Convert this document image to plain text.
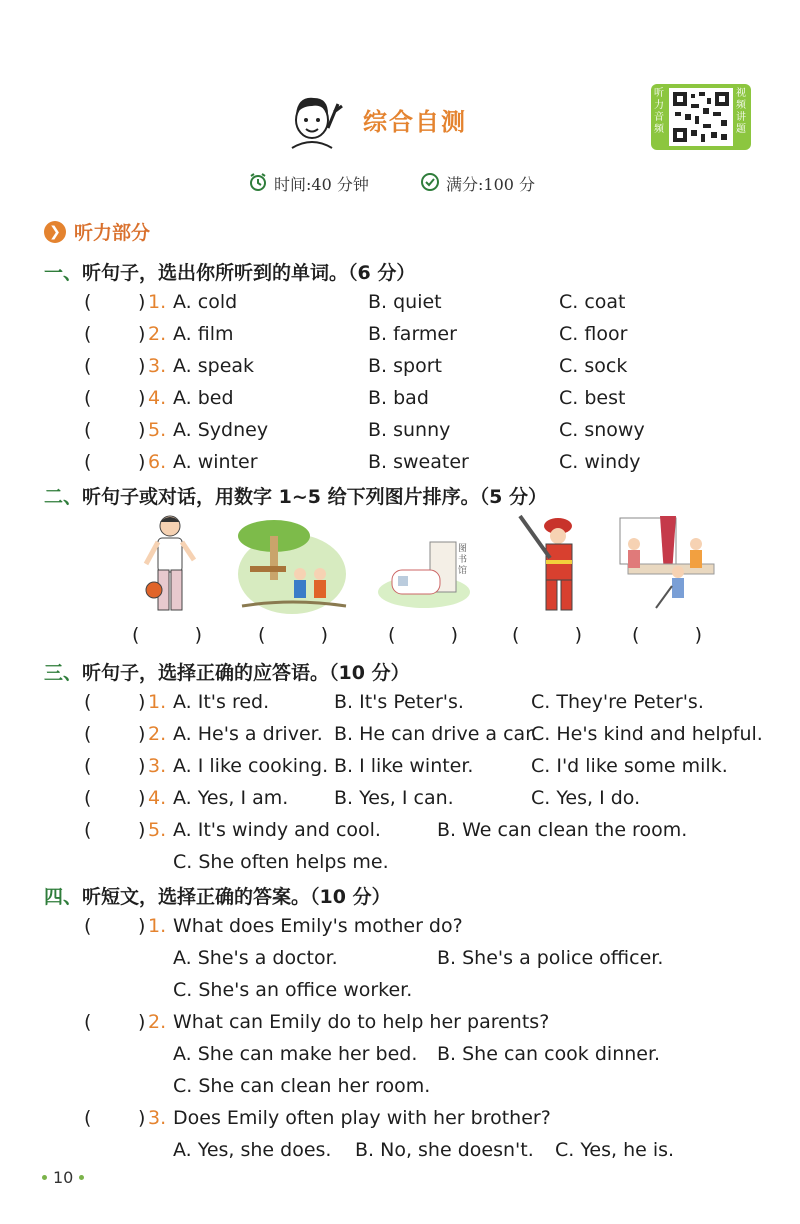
综合自测
听力音频
视频讲题
时间:40 分钟	满分:100 分
❯ 听力部分
一、听句子，选出你所听到的单词。（6 分）
( ) 1. A. cold	B. quiet	C. coat
( ) 2. A. film	B. farmer	C. floor
( ) 3. A. speak	B. sport	C. sock
( ) 4. A. bed	B. bad	C. best
( ) 5. A. Sydney	B. sunny	C. snowy
( ) 6. A. winter	B. sweater	C. windy
二、听句子或对话，用数字 1~5 给下列图片排序。（5 分）
图书馆
(	)	(	)	(	)	(	)	(	)
三、听句子，选择正确的应答语。（10 分）
( ) 1. A. It's red.	B. It's Peter's.	C. They're Peter's.
( ) 2. A. He's a driver. B. He can drive a car.
C. He's kind and helpful.
( ) 3. A. I like cooking. B. I like winter.	C. I'd like some milk.
( ) 4. A. Yes, I am. B. Yes, I can.	C. Yes, I do.
( ) 5. A. It's windy and cool.	B. We can clean the room.
C. She often helps me.
四、听短文，选择正确的答案。（10 分）
( ) 1. What does Emily's mother do?
A. She's a doctor.	B. She's a police officer.
C. She's an office worker.
( ) 2. What can Emily do to help her parents?
A. She can make her bed. B. She can cook dinner.
C. She can clean her room.
( ) 3. Does Emily often play with her brother?
A. Yes, she does. B. No, she doesn't. C. Yes, he is.
10
